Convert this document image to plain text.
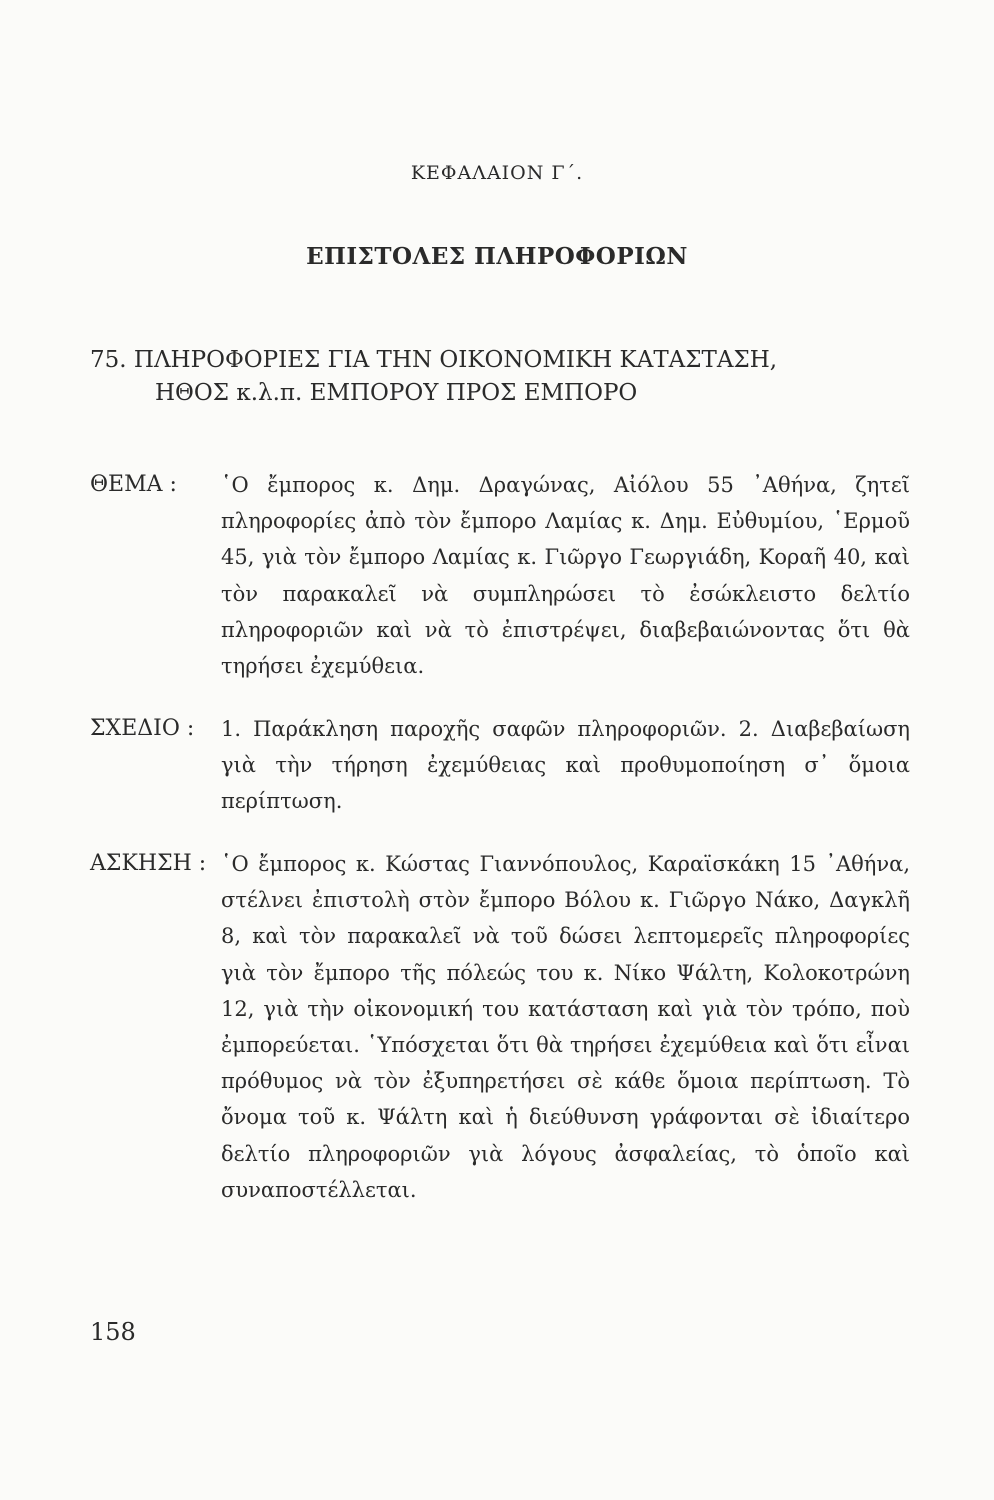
ΚΕΦΑΛΑΙΟΝ Γ΄.
ΕΠΙΣΤΟΛΕΣ ΠΛΗΡΟΦΟΡΙΩΝ
75. ΠΛΗΡΟΦΟΡΙΕΣ ΓΙΑ ΤΗΝ ΟΙΚΟΝΟΜΙΚΗ ΚΑΤΑΣΤΑΣΗ,
ΗΘΟΣ κ.λ.π. ΕΜΠΟΡΟΥ ΠΡΟΣ ΕΜΠΟΡΟ
ΘΕΜΑ : ῾Ο ἔμπορος κ. Δημ. Δραγώνας, Αἰόλου 55 ᾿Αθήνα, ζητεῖ πληροφορίες ἀπὸ τὸν ἔμπορο Λαμίας κ. Δημ. Εὐθυμίου, ῾Ερμοῦ 45, γιὰ τὸν ἔμπορο Λαμίας κ. Γιῶργο Γεωργιάδη, Κοραῆ 40, καὶ τὸν παρακαλεῖ νὰ συμπληρώσει τὸ ἐσώκλειστο δελτίο πληροφοριῶν καὶ νὰ τὸ ἐπιστρέψει, διαβεβαιώνοντας ὅτι θὰ τηρήσει ἐχεμύθεια.

ΣΧΕΔΙΟ : 1. Παράκληση παροχῆς σαφῶν πληροφοριῶν. 2. Διαβεβαίωση γιὰ τὴν τήρηση ἐχεμύθειας καὶ προθυμοποίηση σ᾿ ὅμοια περίπτωση.

ΑΣΚΗΣΗ : ῾Ο ἔμπορος κ. Κώστας Γιαννόπουλος, Καραϊσκάκη 15 ᾿Αθήνα, στέλνει ἐπιστολὴ στὸν ἔμπορο Βόλου κ. Γιῶργο Νάκο, Δαγκλῆ 8, καὶ τὸν παρακαλεῖ νὰ τοῦ δώσει λεπτομερεῖς πληροφορίες γιὰ τὸν ἔμπορο τῆς πόλεώς του κ. Νίκο Ψάλτη, Κολοκοτρώνη 12, γιὰ τὴν οἰκονομική του κατάσταση καὶ γιὰ τὸν τρόπο, ποὺ ἐμπορεύεται. ῾Υπόσχεται ὅτι θὰ τηρήσει ἐχεμύθεια καὶ ὅτι εἶναι πρόθυμος νὰ τὸν ἐξυπηρετήσει σὲ κάθε ὅμοια περίπτωση. Τὸ ὄνομα τοῦ κ. Ψάλτη καὶ ἡ διεύθυνση γράφονται σὲ ἰδιαίτερο δελτίο πληροφοριῶν γιὰ λόγους ἀσφαλείας, τὸ ὁποῖο καὶ συναποστέλλεται.

158
